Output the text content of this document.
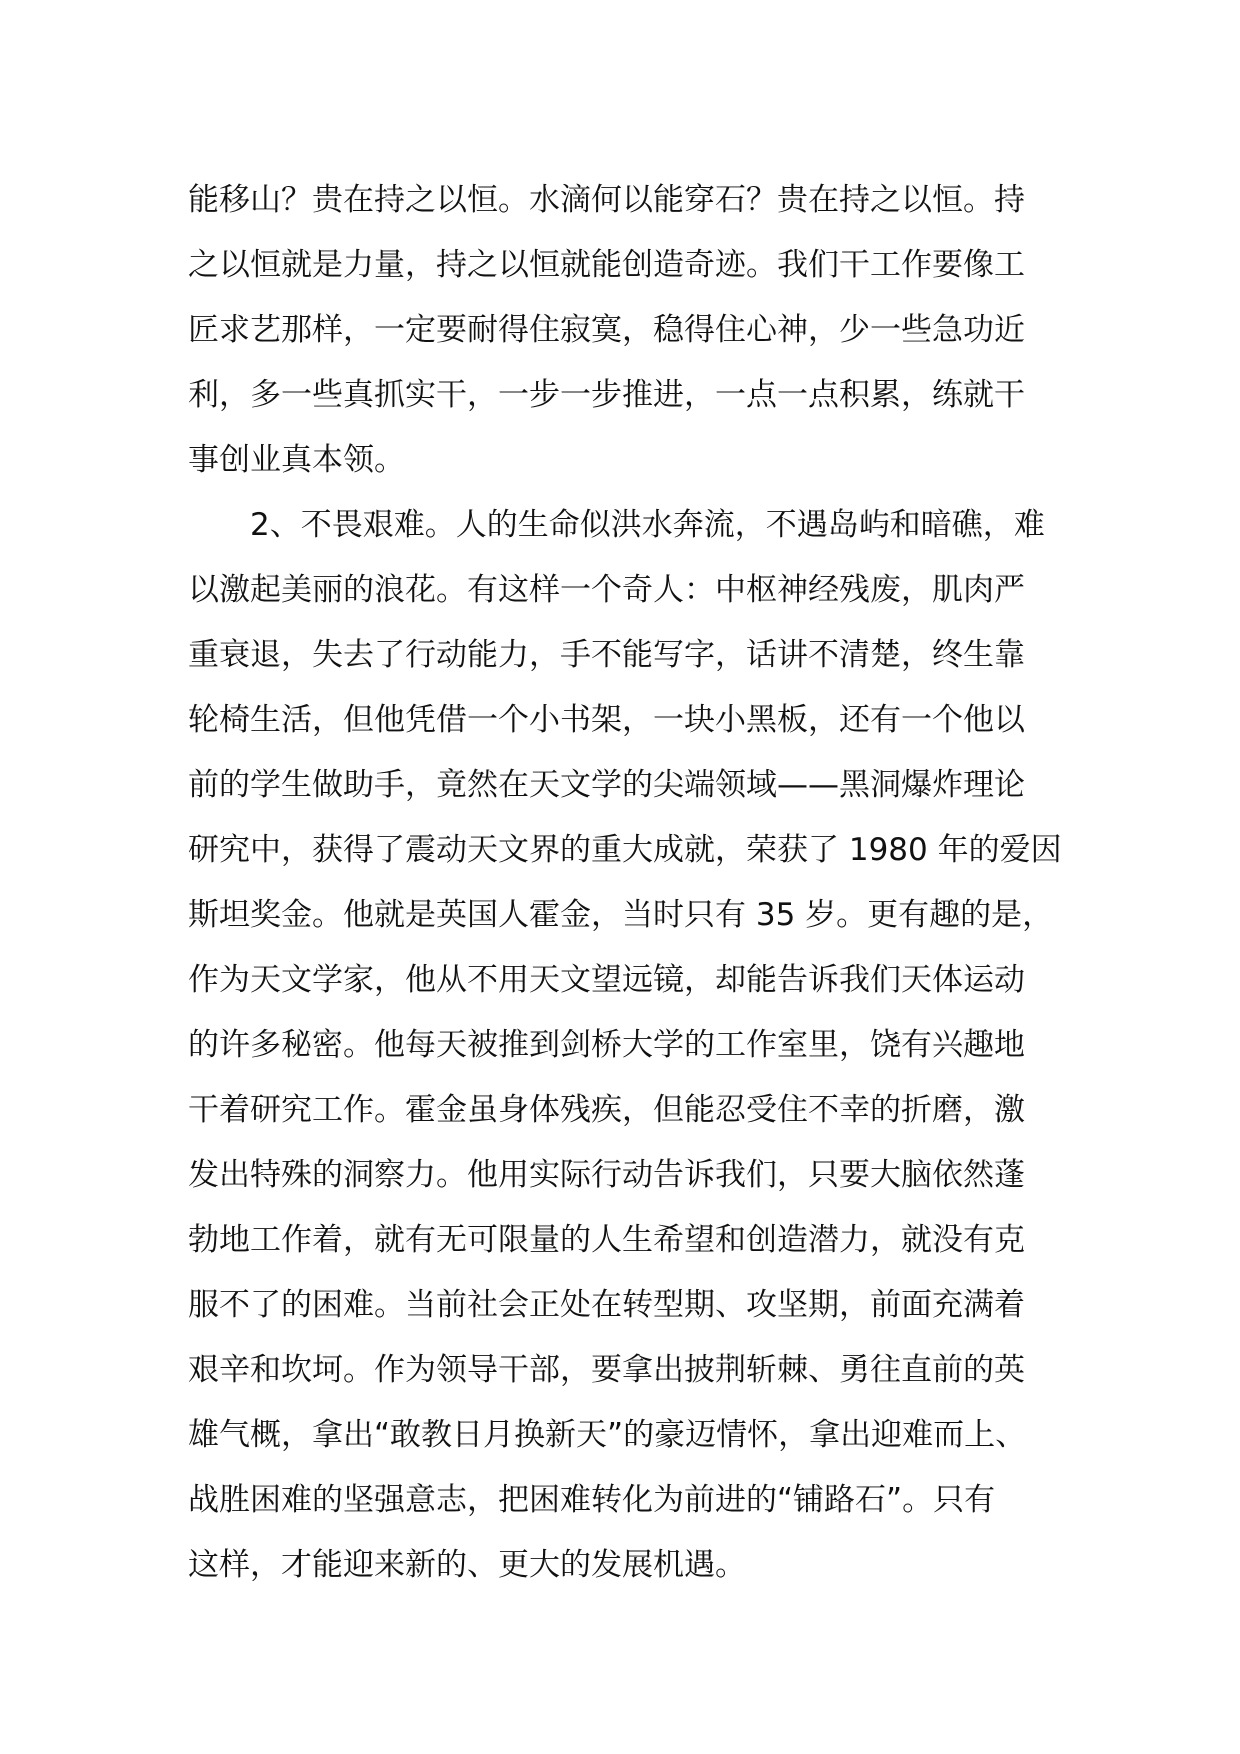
能移山？贵在持之以恒。水滴何以能穿石？贵在持之以恒。持
之以恒就是力量，持之以恒就能创造奇迹。我们干工作要像工
匠求艺那样，一定要耐得住寂寞，稳得住心神，少一些急功近
利，多一些真抓实干，一步一步推进，一点一点积累，练就干
事创业真本领。
2、不畏艰难。人的生命似洪水奔流，不遇岛屿和暗礁，难
以激起美丽的浪花。有这样一个奇人：中枢神经残废，肌肉严
重衰退，失去了行动能力，手不能写字，话讲不清楚，终生靠
轮椅生活，但他凭借一个小书架，一块小黑板，还有一个他以
前的学生做助手，竟然在天文学的尖端领域——黑洞爆炸理论
研究中，获得了震动天文界的重大成就，荣获了 1980 年的爱因
斯坦奖金。他就是英国人霍金，当时只有 35 岁。更有趣的是，
作为天文学家，他从不用天文望远镜，却能告诉我们天体运动
的许多秘密。他每天被推到剑桥大学的工作室里，饶有兴趣地
干着研究工作。霍金虽身体残疾，但能忍受住不幸的折磨，激
发出特殊的洞察力。他用实际行动告诉我们，只要大脑依然蓬
勃地工作着，就有无可限量的人生希望和创造潜力，就没有克
服不了的困难。当前社会正处在转型期、攻坚期，前面充满着
艰辛和坎坷。作为领导干部，要拿出披荆斩棘、勇往直前的英
雄气概，拿出“敢教日月换新天”的豪迈情怀，拿出迎难而上、
战胜困难的坚强意志，把困难转化为前进的“铺路石”。只有
这样，才能迎来新的、更大的发展机遇。
